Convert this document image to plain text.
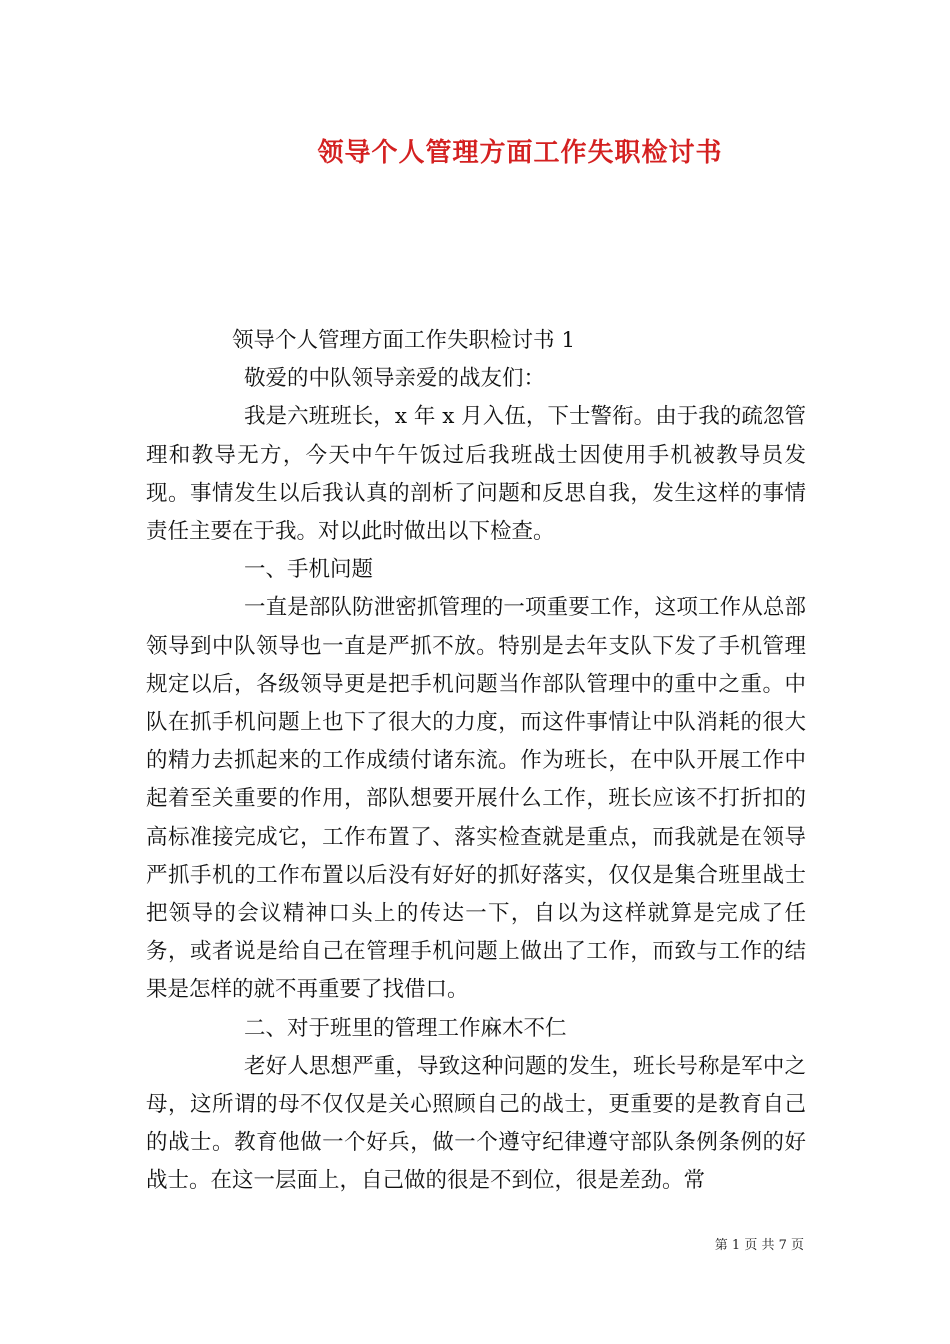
领导个人管理方面工作失职检讨书

领导个人管理方面工作失职检讨书 1

敬爱的中队领导亲爱的战友们：

我是六班班长，x 年 x 月入伍，下士警衔。由于我的疏忽管理和教导无方，今天中午午饭过后我班战士因使用手机被教导员发现。事情发生以后我认真的剖析了问题和反思自我，发生这样的事情责任主要在于我。对以此时做出以下检查。

一、手机问题

一直是部队防泄密抓管理的一项重要工作，这项工作从总部领导到中队领导也一直是严抓不放。特别是去年支队下发了手机管理规定以后，各级领导更是把手机问题当作部队管理中的重中之重。中队在抓手机问题上也下了很大的力度，而这件事情让中队消耗的很大的精力去抓起来的工作成绩付诸东流。作为班长，在中队开展工作中起着至关重要的作用，部队想要开展什么工作，班长应该不打折扣的高标准接完成它，工作布置了、落实检查就是重点，而我就是在领导严抓手机的工作布置以后没有好好的抓好落实，仅仅是集合班里战士把领导的会议精神口头上的传达一下，自以为这样就算是完成了任务，或者说是给自己在管理手机问题上做出了工作，而致与工作的结果是怎样的就不再重要了找借口。

二、对于班里的管理工作麻木不仁

老好人思想严重，导致这种问题的发生，班长号称是军中之母，这所谓的母不仅仅是关心照顾自己的战士，更重要的是教育自己的战士。教育他做一个好兵，做一个遵守纪律遵守部队条例条例的好战士。在这一层面上，自己做的很是不到位，很是差劲。常

第 1 页 共 7 页
